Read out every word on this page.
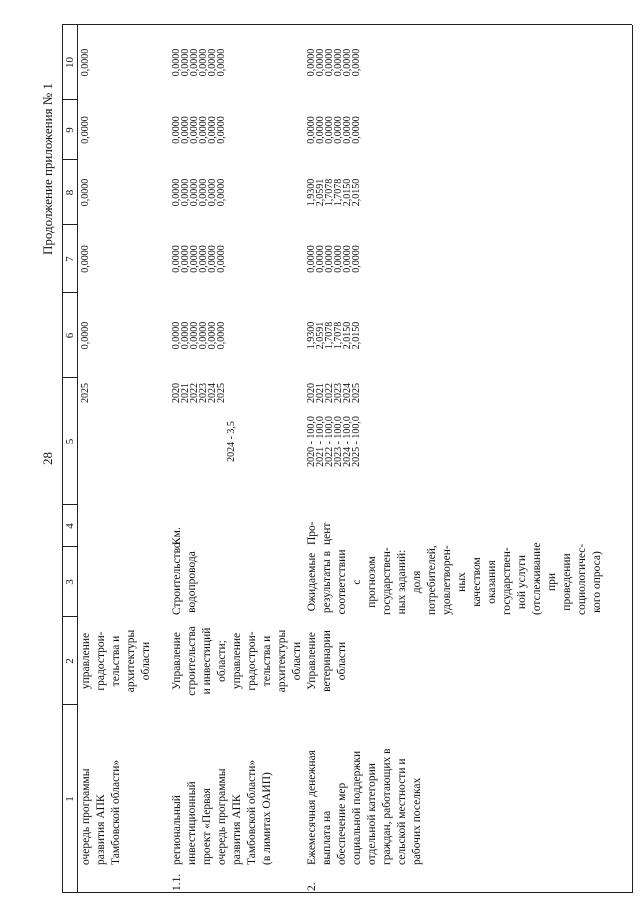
28
Продолжение приложения № 1
1
2
3
4
5
6
7
8
9
10
очередь программы развития АПК Тамбовской области»
управление градострои- тельства и архитектуры области
2025
0,0000
0,0000
0,0000
0,0000
0,0000
1.1.
региональный инвестиционный проект «Первая очередь программы развития АПК Тамбовской области» (в лимитах ОАИП)
Управление строительства и инвестиций области; управление градострои- тельства и архитектуры области
Строительство водопровода
Км.
2024 - 3,5
2020
2021
2022
2023
2024
2025
0,0000
0,0000
0,0000
0,0000
0,0000
0,0000
0,0000
0,0000
0,0000
0,0000
0,0000
0,0000
0,0000
0,0000
0,0000
0,0000
0,0000
0,0000
0,0000
0,0000
0,0000
0,0000
0,0000
0,0000
0,0000
0,0000
0,0000
0,0000
0,0000
0,0000
2.
Ежемесячная денежная выплата на обеспечение мер социальной поддержки отдельной категории граждан, работающих в сельской местности и рабочих поселках
Управление ветеринарии области
Ожидаемые результаты в соответствии с прогнозом государствен- ных заданий: доля потребителей, удовлетворен- ных качеством оказания государствен- ной услуги (отслеживание при проведении социологичес- кого опроса)
Про- цент
2020 - 100,0
2021 - 100,0
2022 - 100,0
2023 - 100,0
2024 - 100,0
2025 - 100,0
2020
2021
2022
2023
2024
2025
1,9300
2,0591
1,7078
1,7078
2,0150
2,0150
0,0000
0,0000
0,0000
0,0000
0,0000
0,0000
1,9300
2,0591
1,7078
1,7078
2,0150
2,0150
0,0000
0,0000
0,0000
0,0000
0,0000
0,0000
0,0000
0,0000
0,0000
0,0000
0,0000
0,0000
